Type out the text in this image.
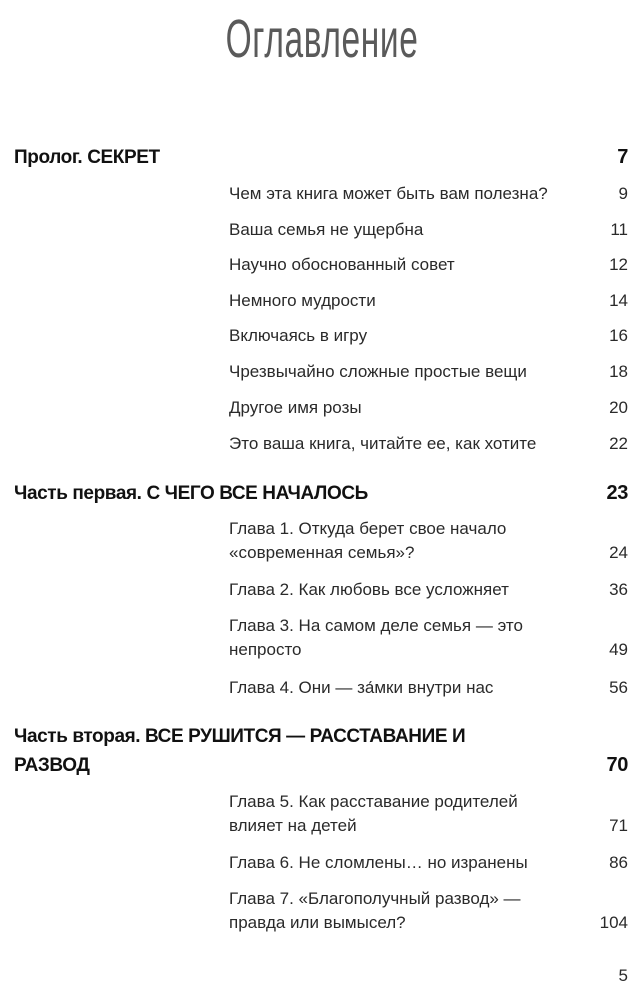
Оглавление
Пролог. СЕКРЕТ	7
Чем эта книга может быть вам полезна?	9
Ваша семья не ущербна	11
Научно обоснованный совет	12
Немного мудрости	14
Включаясь в игру	16
Чрезвычайно сложные простые вещи	18
Другое имя розы	20
Это ваша книга, читайте ее, как хотите	22
Часть первая. С ЧЕГО ВСЕ НАЧАЛОСЬ	23
Глава 1. Откуда берет свое начало «современная семья»?	24
Глава 2. Как любовь все усложняет	36
Глава 3. На самом деле семья — это непросто	49
Глава 4. Они — за́мки внутри нас	56
Часть вторая. ВСЕ РУШИТСЯ — РАССТАВАНИЕ И РАЗВОД	70
Глава 5. Как расставание родителей влияет на детей	71
Глава 6. Не сломлены… но изранены	86
Глава 7. «Благополучный развод» — правда или вымысел?	104
5
